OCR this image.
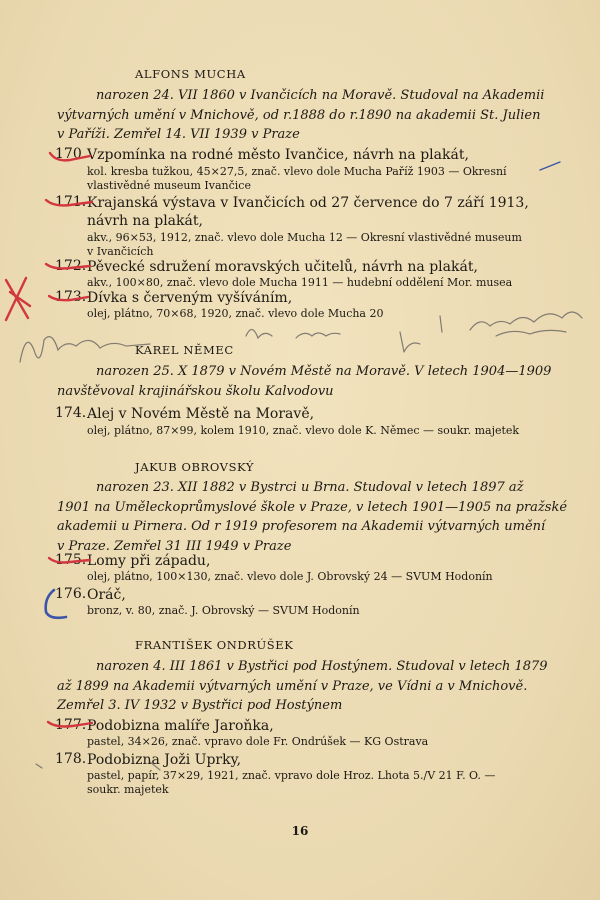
ALFONS MUCHA
narozen 24. VII 1860 v Ivančicích na Moravě. Studoval na Akademii
výtvarných umění v Mnichově, od r.1888 do r.1890 na akademii St. Julien
v Paříži. Zemřel 14. VII 1939 v Praze
170. Vzpomínka na rodné město Ivančice, návrh na plakát,
kol. kresba tužkou, 45×27,5, znač. vlevo dole Mucha Paříž 1903 — Okresní
vlastivědné museum Ivančice
171. Krajanská výstava v Ivančicích od 27 července do 7 září 1913,
návrh na plakát,
akv., 96×53, 1912, znač. vlevo dole Mucha 12 — Okresní vlastivědné museum
v Ivančicích
172. Pěvecké sdružení moravských učitelů, návrh na plakát,
akv., 100×80, znač. vlevo dole Mucha 1911 — hudební oddělení Mor. musea
173. Dívka s červeným vyšíváním,
olej, plátno, 70×68, 1920, znač. vlevo dole Mucha 20
KAREL NĚMEC
narozen 25. X 1879 v Novém Městě na Moravě. V letech 1904—1909
navštěvoval krajinářskou školu Kalvodovu
174. Alej v Novém Městě na Moravě,
olej, plátno, 87×99, kolem 1910, znač. vlevo dole K. Němec — soukr. majetek
JAKUB OBROVSKÝ
narozen 23. XII 1882 v Bystrci u Brna. Studoval v letech 1897 až
1901 na Uměleckoprůmyslové škole v Praze, v letech 1901—1905 na pražské
akademii u Pirnera. Od r 1919 profesorem na Akademii výtvarných umění
v Praze. Zemřel 31 III 1949 v Praze
175. Lomy při západu,
olej, plátno, 100×130, znač. vlevo dole J. Obrovský 24 — SVUM Hodonín
176. Oráč,
bronz, v. 80, znač. J. Obrovský — SVUM Hodonín
FRANTIŠEK ONDRÚŠEK
narozen 4. III 1861 v Bystřici pod Hostýnem. Studoval v letech 1879
až 1899 na Akademii výtvarných umění v Praze, ve Vídni a v Mnichově.
Zemřel 3. IV 1932 v Bystřici pod Hostýnem
177. Podobizna malíře Jaroňka,
pastel, 34×26, znač. vpravo dole Fr. Ondrúšek — KG Ostrava
178. Podobizna Joži Uprky,
pastel, papír, 37×29, 1921, znač. vpravo dole Hroz. Lhota 5./V 21 F. O. —
soukr. majetek
16
